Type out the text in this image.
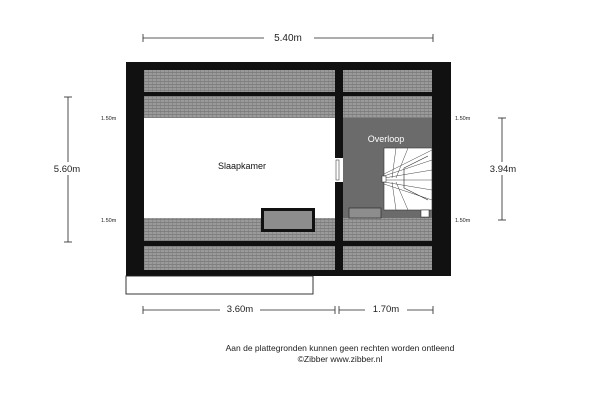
5.40m
5.60m	3.94m
1.50m
1.50m
1.50m
1.50m
Slaapkamer
Overloop
3.60m	1.70m
Aan de plattegronden kunnen geen rechten worden ontleend
©Zibber www.zibber.nl
